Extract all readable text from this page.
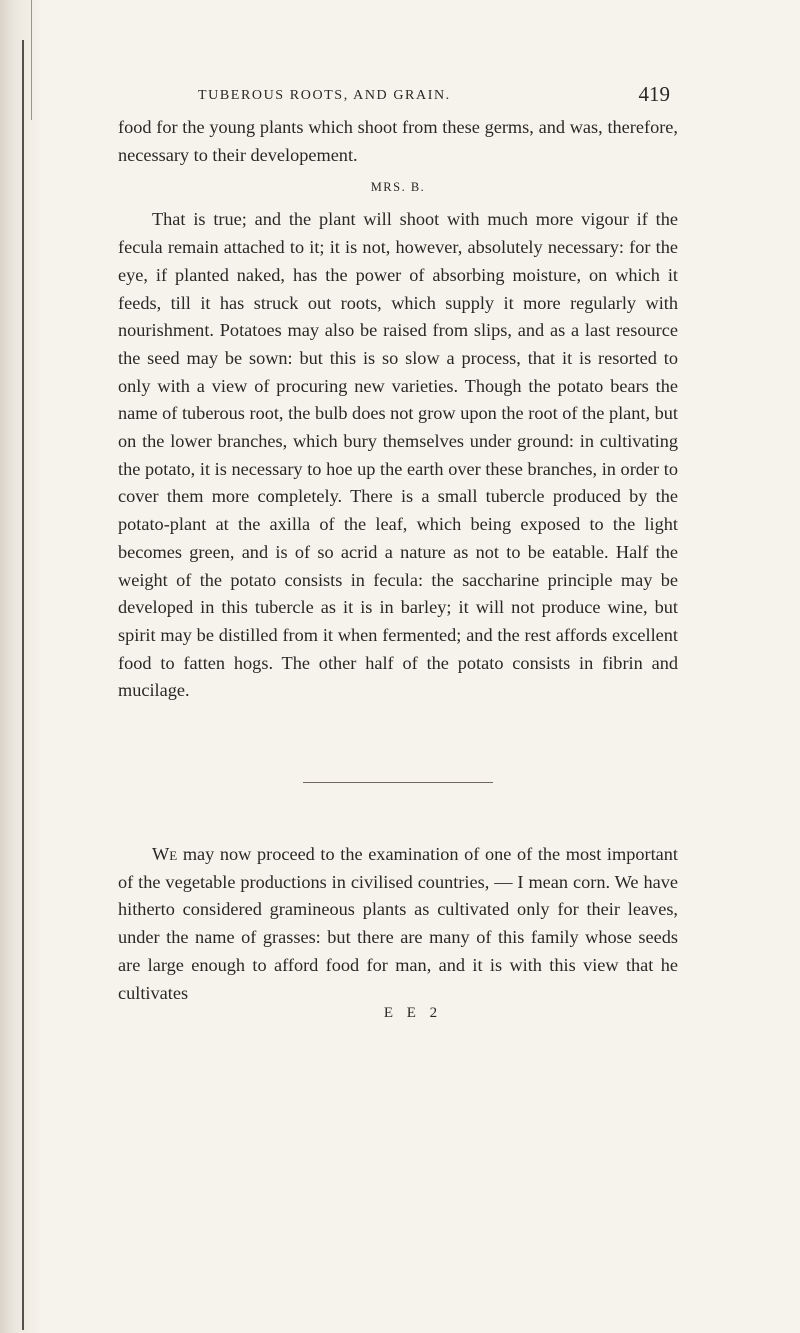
TUBEROUS ROOTS, AND GRAIN.	419

food for the young plants which shoot from these germs, and was, therefore, necessary to their developement.

MRS. B.

That is true; and the plant will shoot with much more vigour if the fecula remain attached to it; it is not, however, absolutely necessary: for the eye, if planted naked, has the power of absorbing moisture, on which it feeds, till it has struck out roots, which supply it more regularly with nourishment. Potatoes may also be raised from slips, and as a last resource the seed may be sown: but this is so slow a process, that it is resorted to only with a view of procuring new varieties. Though the potato bears the name of tuberous root, the bulb does not grow upon the root of the plant, but on the lower branches, which bury themselves under ground: in cultivating the potato, it is necessary to hoe up the earth over these branches, in order to cover them more completely. There is a small tubercle produced by the potato-plant at the axilla of the leaf, which being exposed to the light becomes green, and is of so acrid a nature as not to be eatable. Half the weight of the potato consists in fecula: the saccharine principle may be developed in this tubercle as it is in barley; it will not produce wine, but spirit may be distilled from it when fermented; and the rest affords excellent food to fatten hogs. The other half of the potato consists in fibrin and mucilage.

We may now proceed to the examination of one of the most important of the vegetable productions in civilised countries, — I mean corn. We have hitherto considered gramineous plants as cultivated only for their leaves, under the name of grasses: but there are many of this family whose seeds are large enough to afford food for man, and it is with this view that he cultivates

E E 2
